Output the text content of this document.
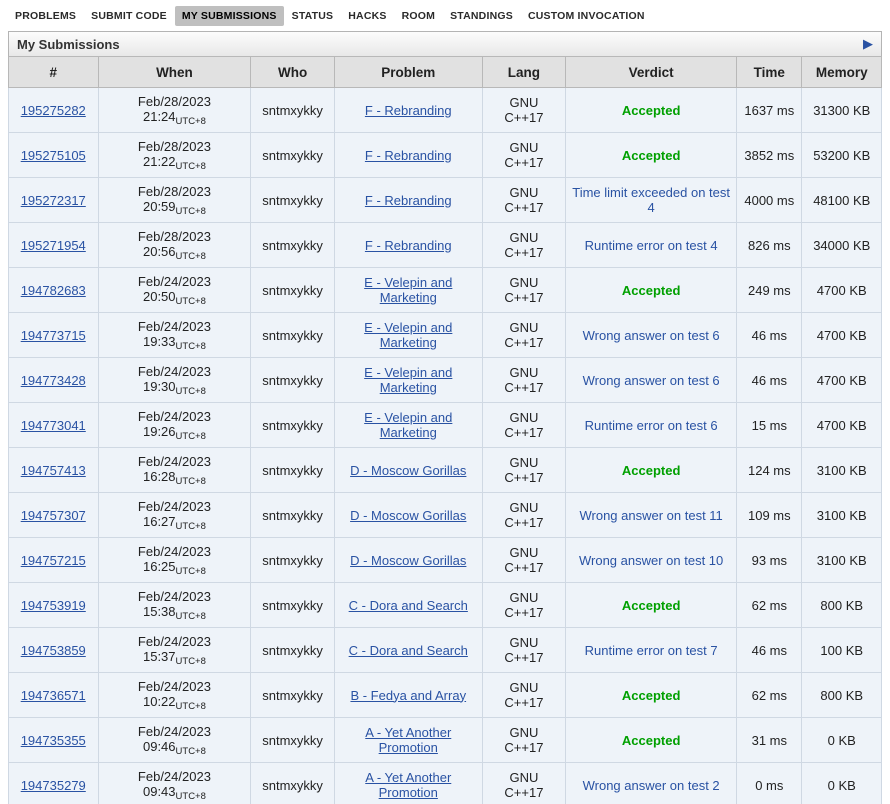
PROBLEMS	SUBMIT CODE	MY SUBMISSIONS	STATUS	HACKS	ROOM	STANDINGS	CUSTOM INVOCATION
My Submissions	▶
#	When	Who	Problem	Lang	Verdict	Time	Memory
195275282	Feb/28/2023
$21:24_{UTC+8}$	sntmxykky	F - Rebranding	GNU
C++17	Accepted	1637 ms	31300 KB
195275105	Feb/28/2023
$21:22_{UTC+8}$	sntmxykky	F - Rebranding	GNU
C++17	Accepted	3852 ms	53200 KB
195272317	Feb/28/2023
$20:59_{UTC+8}$	sntmxykky	F - Rebranding	GNU
C++17	Time limit exceeded on test 4	4000 ms	48100 KB
195271954	Feb/28/2023
$20:56_{UTC+8}$	sntmxykky	F - Rebranding	GNU
C++17	Runtime error on test 4	826 ms	34000 KB
194782683	Feb/24/2023
$20:50_{UTC+8}$	sntmxykky	E - Velepin and Marketing	GNU
C++17	Accepted	249 ms	4700 KB
194773715	Feb/24/2023
$19:33_{UTC+8}$	sntmxykky	E - Velepin and Marketing	GNU
C++17	Wrong answer on test 6	46 ms	4700 KB
194773428	Feb/24/2023
$19:30_{UTC+8}$	sntmxykky	E - Velepin and Marketing	GNU
C++17	Wrong answer on test 6	46 ms	4700 KB
194773041	Feb/24/2023
$19:26_{UTC+8}$	sntmxykky	E - Velepin and Marketing	GNU
C++17	Runtime error on test 6	15 ms	4700 KB
194757413	Feb/24/2023
$16:28_{UTC+8}$	sntmxykky	D - Moscow Gorillas	GNU
C++17	Accepted	124 ms	3100 KB
194757307	Feb/24/2023
$16:27_{UTC+8}$	sntmxykky	D - Moscow Gorillas	GNU
C++17	Wrong answer on test 11	109 ms	3100 KB
194757215	Feb/24/2023
$16:25_{UTC+8}$	sntmxykky	D - Moscow Gorillas	GNU
C++17	Wrong answer on test 10	93 ms	3100 KB
194753919	Feb/24/2023
$15:38_{UTC+8}$	sntmxykky	C - Dora and Search	GNU
C++17	Accepted	62 ms	800 KB
194753859	Feb/24/2023
$15:37_{UTC+8}$	sntmxykky	C - Dora and Search	GNU
C++17	Runtime error on test 7	46 ms	100 KB
194736571	Feb/24/2023
$10:22_{UTC+8}$	sntmxykky	B - Fedya and Array	GNU
C++17	Accepted	62 ms	800 KB
194735355	Feb/24/2023
$09:46_{UTC+8}$	sntmxykky	A - Yet Another Promotion	GNU
C++17	Accepted	31 ms	0 KB
194735279	Feb/24/2023
$09:43_{UTC+8}$	sntmxykky	A - Yet Another Promotion	GNU
C++17	Wrong answer on test 2	0 ms	0 KB
